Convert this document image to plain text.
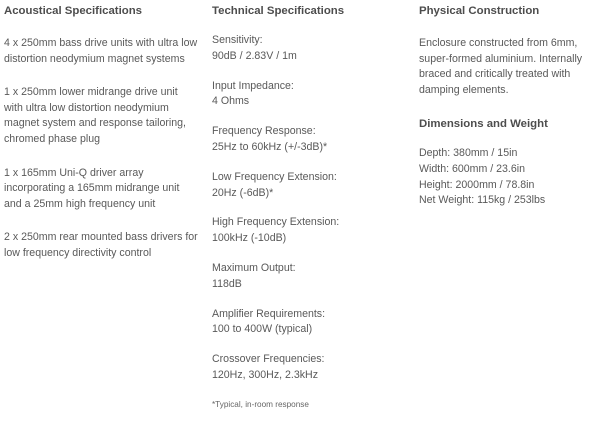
Acoustical Specifications

4 x 250mm bass drive units with ultra low distortion neodymium magnet systems

1 x 250mm lower midrange drive unit with ultra low distortion neodymium magnet system and response tailoring, chromed phase plug

1 x 165mm Uni-Q driver array incorporating a 165mm midrange unit and a 25mm high frequency unit

2 x 250mm rear mounted bass drivers for low frequency directivity control

Technical Specifications
Sensitivity:
90dB / 2.83V / 1m
Input Impedance:
4 Ohms
Frequency Response:
25Hz to 60kHz (+/-3dB)*
Low Frequency Extension:
20Hz (-6dB)*
High Frequency Extension:
100kHz (-10dB)
Maximum Output:
118dB
Amplifier Requirements:
100 to 400W (typical)
Crossover Frequencies:
120Hz, 300Hz, 2.3kHz
*Typical, in-room response
Physical Construction

Enclosure constructed from 6mm, super-formed aluminium. Internally braced and critically treated with damping elements.

Dimensions and Weight
Depth: 380mm / 15in
Width: 600mm / 23.6in
Height: 2000mm / 78.8in
Net Weight: 115kg / 253lbs
